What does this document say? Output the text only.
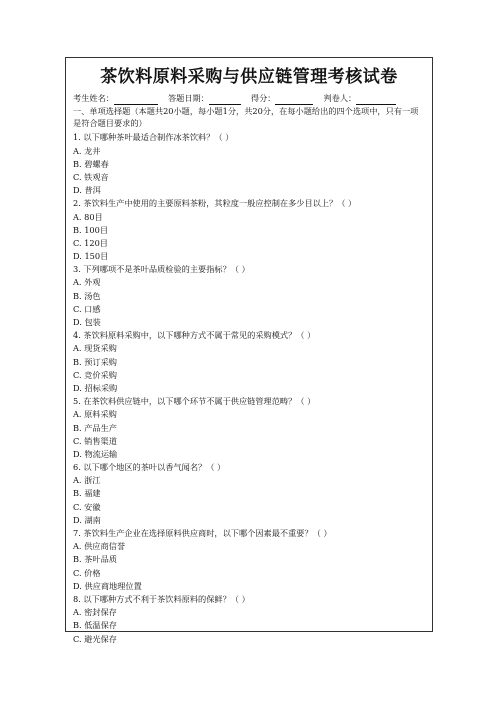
茶饮料原料采购与供应链管理考核试卷
考生姓名：	答题日期：	得分：	判卷人：
一、单项选择题（本题共20小题，每小题1分，共20分，在每小题给出的四个选项中，只有一项是符合题目要求的）
1. 以下哪种茶叶最适合制作冰茶饮料？（ ）
A. 龙井
B. 碧螺春
C. 铁观音
D. 普洱
2. 茶饮料生产中使用的主要原料茶粉，其粒度一般应控制在多少目以上？（ ）
A. 80目
B. 100目
C. 120目
D. 150目
3. 下列哪项不是茶叶品质检验的主要指标？（ ）
A. 外观
B. 汤色
C. 口感
D. 包装
4. 茶饮料原料采购中，以下哪种方式不属于常见的采购模式？（ ）
A. 现货采购
B. 预订采购
C. 竞价采购
D. 招标采购
5. 在茶饮料供应链中，以下哪个环节不属于供应链管理范畴？（ ）
A. 原料采购
B. 产品生产
C. 销售渠道
D. 物流运输
6. 以下哪个地区的茶叶以香气闻名？（ ）
A. 浙江
B. 福建
C. 安徽
D. 湖南
7. 茶饮料生产企业在选择原料供应商时，以下哪个因素最不重要？（ ）
A. 供应商信誉
B. 茶叶品质
C. 价格
D. 供应商地理位置
8. 以下哪种方式不利于茶饮料原料的保鲜？（ ）
A. 密封保存
B. 低温保存
C. 避光保存
